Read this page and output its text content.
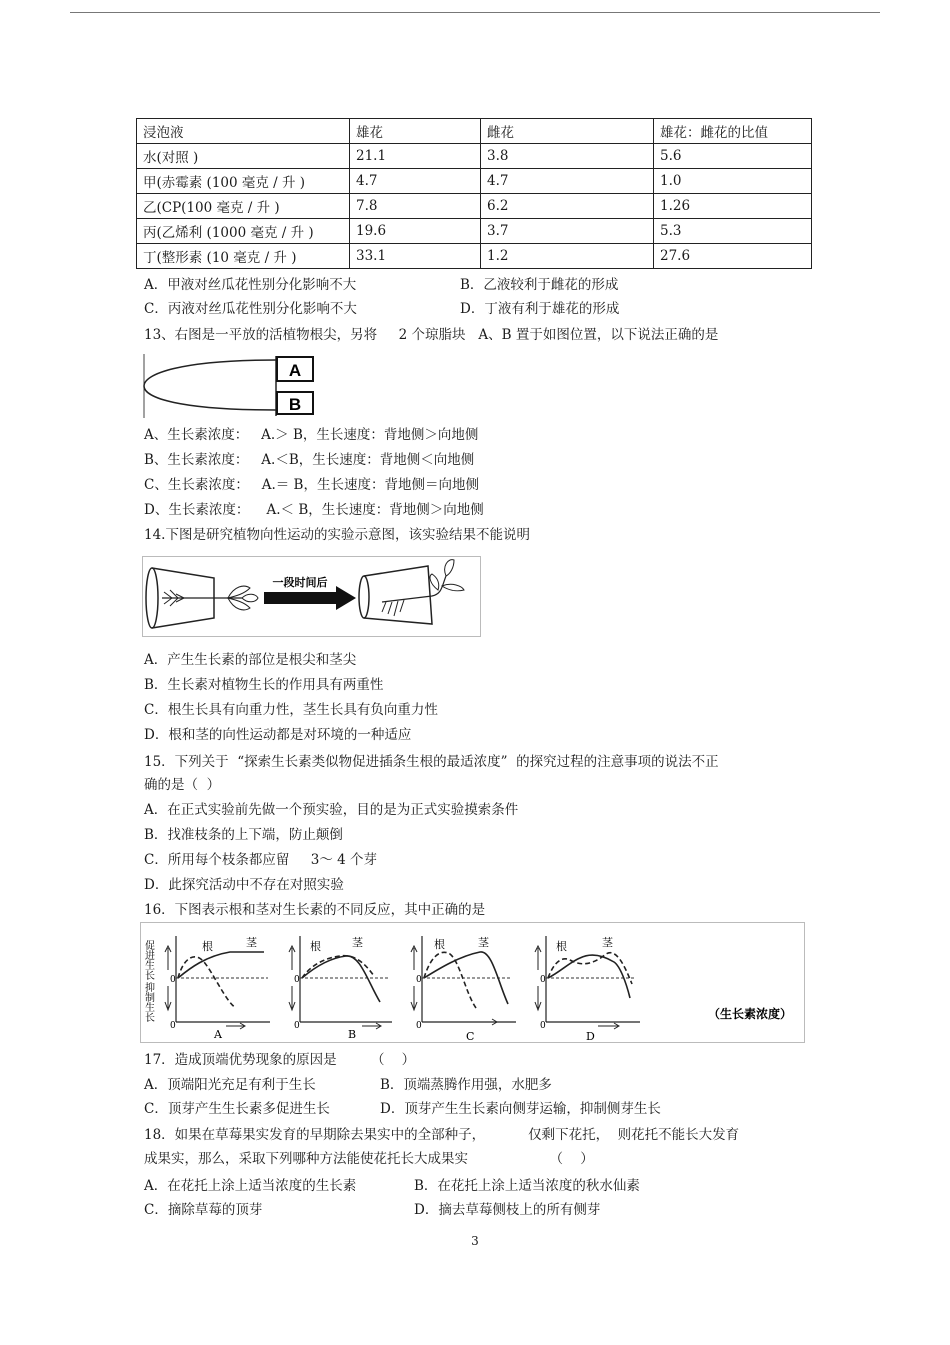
浸泡液	雄花	雌花	雄花：雌花的比值
水(对照 )	21.1	3.8	5.6
甲(赤霉素 (100 毫克 / 升 )	4.7	4.7	1.0
乙(CP(100 毫克 / 升 )	7.8	6.2	1.26
丙(乙烯利 (1000 毫克 / 升 )	19.6	3.7	5.3
丁(整形素 (10 毫克 / 升 )	33.1	1.2	27.6
A．甲液对丝瓜花性别分化影响不大	B．乙液较利于雌花的形成
C．丙液对丝瓜花性别分化影响不大	D．丁液有利于雄花的形成
13、右图是一平放的活植物根尖，另将     2 个琼脂块   A、B 置于如图位置，以下说法正确的是
A
B
A、生长素浓度：   A.＞ B，生长速度：背地侧＞向地侧
B、生长素浓度：   A.＜B，生长速度：背地侧＜向地侧
C、生长素浓度：   A.＝ B，生长速度：背地侧＝向地侧
D、生长素浓度：    A.＜ B，生长速度：背地侧＞向地侧
14.下图是研究植物向性运动的实验示意图，该实验结果不能说明
一段时间后
A．产生生长素的部位是根尖和茎尖
B．生长素对植物生长的作用具有两重性
C．根生长具有向重力性，茎生长具有负向重力性
D．根和茎的向性运动都是对环境的一种适应
15．下列关于  “探索生长素类似物促进插条生根的最适浓度”  的探究过程的注意事项的说法不正
确的是（  ）
A．在正式实验前先做一个预实验，目的是为正式实验摸索条件
B．找准枝条的上下端，防止颠倒
C．所用每个枝条都应留     3～ 4 个芽
D．此探究活动中不存在对照实验
16．下图表示根和茎对生长素的不同反应，其中正确的是
促进生长
抑制生长
0
0
根	茎
A
0
0
根	茎
B
0
0
根	茎
C
0
0
根	茎
D
（生长素浓度）
17．造成顶端优势现象的原因是        （    ）
A．顶端阳光充足有利于生长	B．顶端蒸腾作用强，水肥多
C．顶芽产生生长素多促进生长	D．顶芽产生生长素向侧芽运输，抑制侧芽生长
18．如果在草莓果实发育的早期除去果实中的全部种子，          仅剩下花托，  则花托不能长大发育
成果实，那么，采取下列哪种方法能使花托长大成果实                   （    ）
A．在花托上涂上适当浓度的生长素	B．在花托上涂上适当浓度的秋水仙素
C．摘除草莓的顶芽	D．摘去草莓侧枝上的所有侧芽
3
